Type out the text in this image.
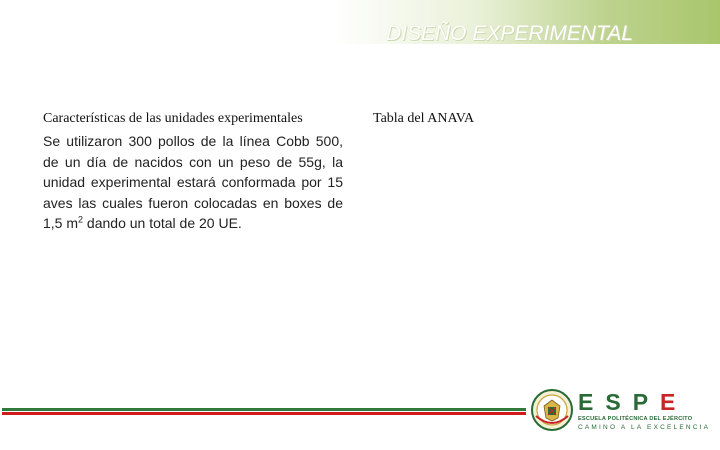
DISEÑO EXPERIMENTAL

Características de las unidades experimentales

Se utilizaron 300 pollos de la línea Cobb 500, de un día de nacidos con un peso de 55g, la unidad experimental estará conformada por 15 aves las cuales fueron colocadas en boxes de 1,5 $m^2$ dando un total de 20 UE.

Tabla del ANAVA
ESPE
ESCUELA POLITÉCNICA DEL EJÉRCITO
CAMINO A LA EXCELENCIA
